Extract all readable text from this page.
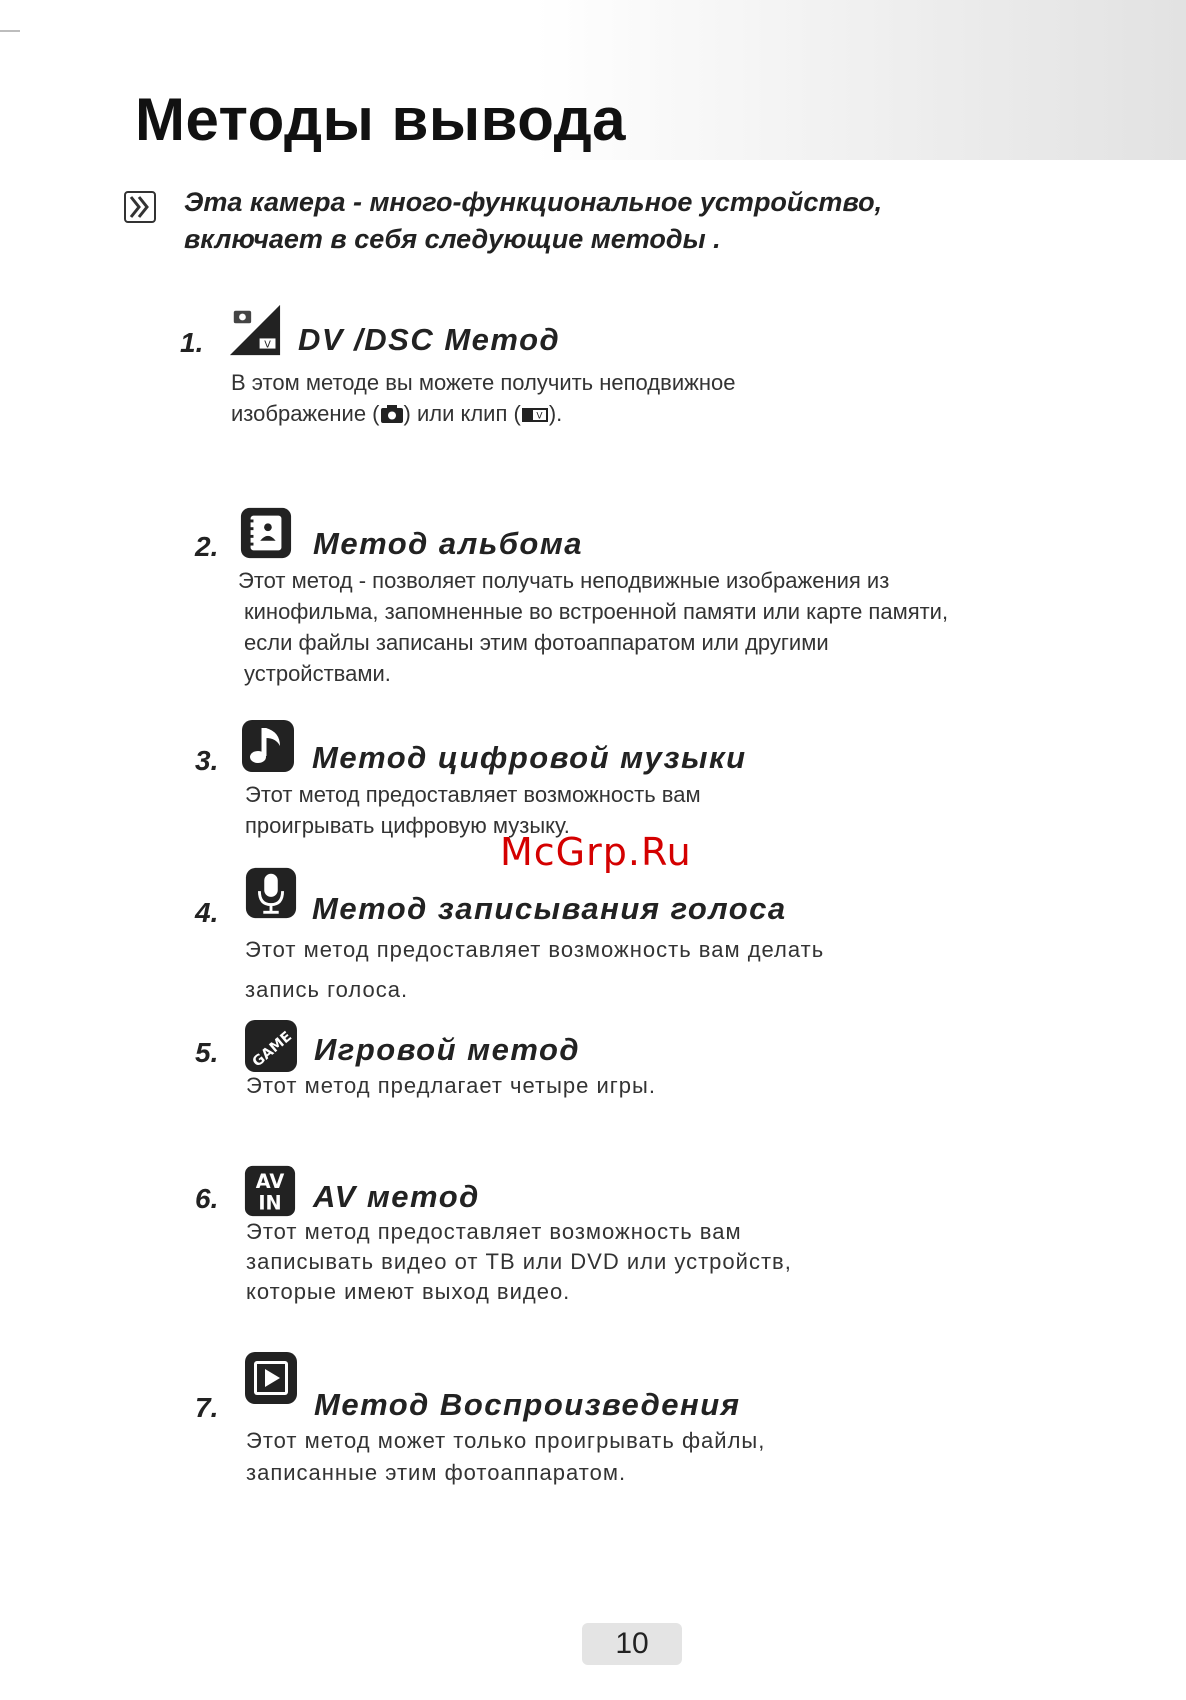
Методы вывода
Эта камера - много-функциональное устройство,
включает в себя следующие методы .
1.	V DV /DSC Метод
В этом методе вы можете получить неподвижное
изображение ( ) или клип ( V ).
2.	Метод альбома
Этот метод - позволяет получать неподвижные изображения из
кинофильма, запомненные во встроенной памяти или карте памяти,
если файлы записаны этим фотоаппаратом или другими
устройствами.
3.	Метод цифровой музыки
Этот метод предоставляет возможность вам
проигрывать цифровую музыку.
McGrp.Ru
4.	Метод записывания голоса
Этот метод предоставляет возможность вам делать
запись голоса.
5. GAME Игровой метод
Этот метод предлагает четыре игры.
6.
AV
IN AV метод
Этот метод предоставляет возможность вам
записывать видео от ТВ или DVD или устройств,
которые имеют выход видео.
7.	Метод Воспроизведения
Этот метод может только проигрывать файлы,
записанные этим фотоаппаратом.
10
